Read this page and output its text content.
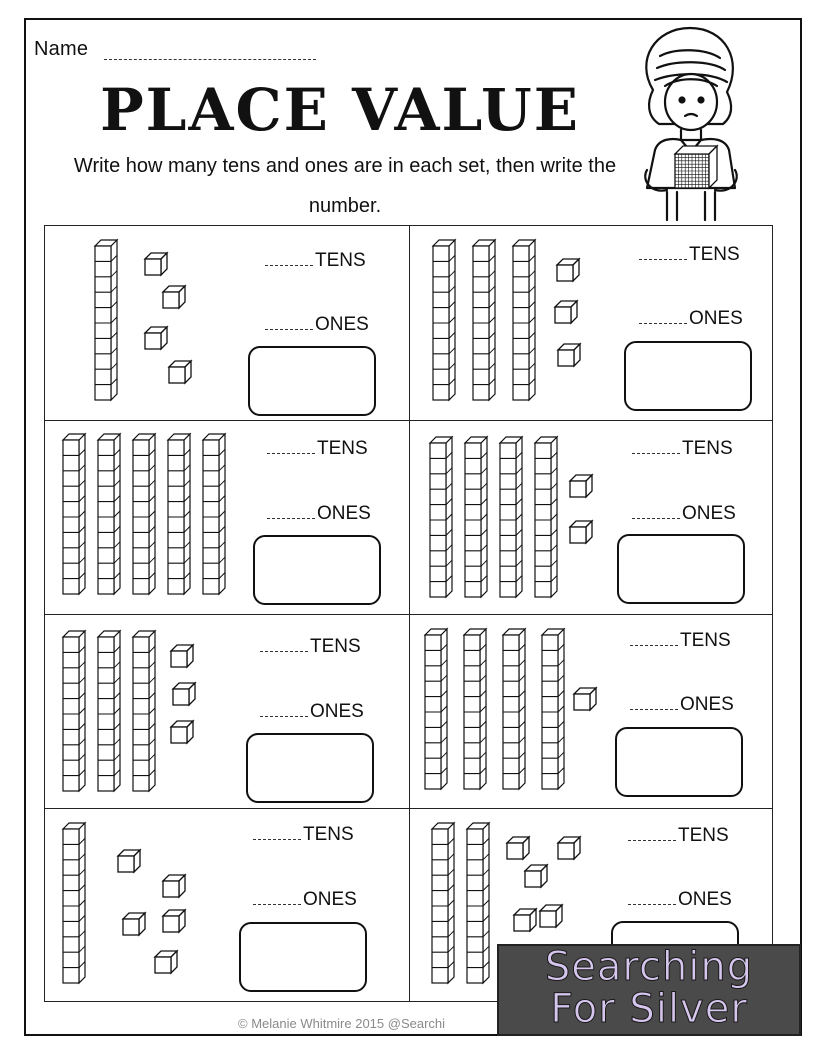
Name
PLACE VALUE
Write how many tens and ones are in each set, then write the number.
TENS
ONES
TENS
ONES
TENS
ONES
TENS
ONES
TENS
ONES
TENS
ONES
TENS
ONES
TENS
ONES
© Melanie Whitmire 2015 @Searchi
Searching
For Silver
